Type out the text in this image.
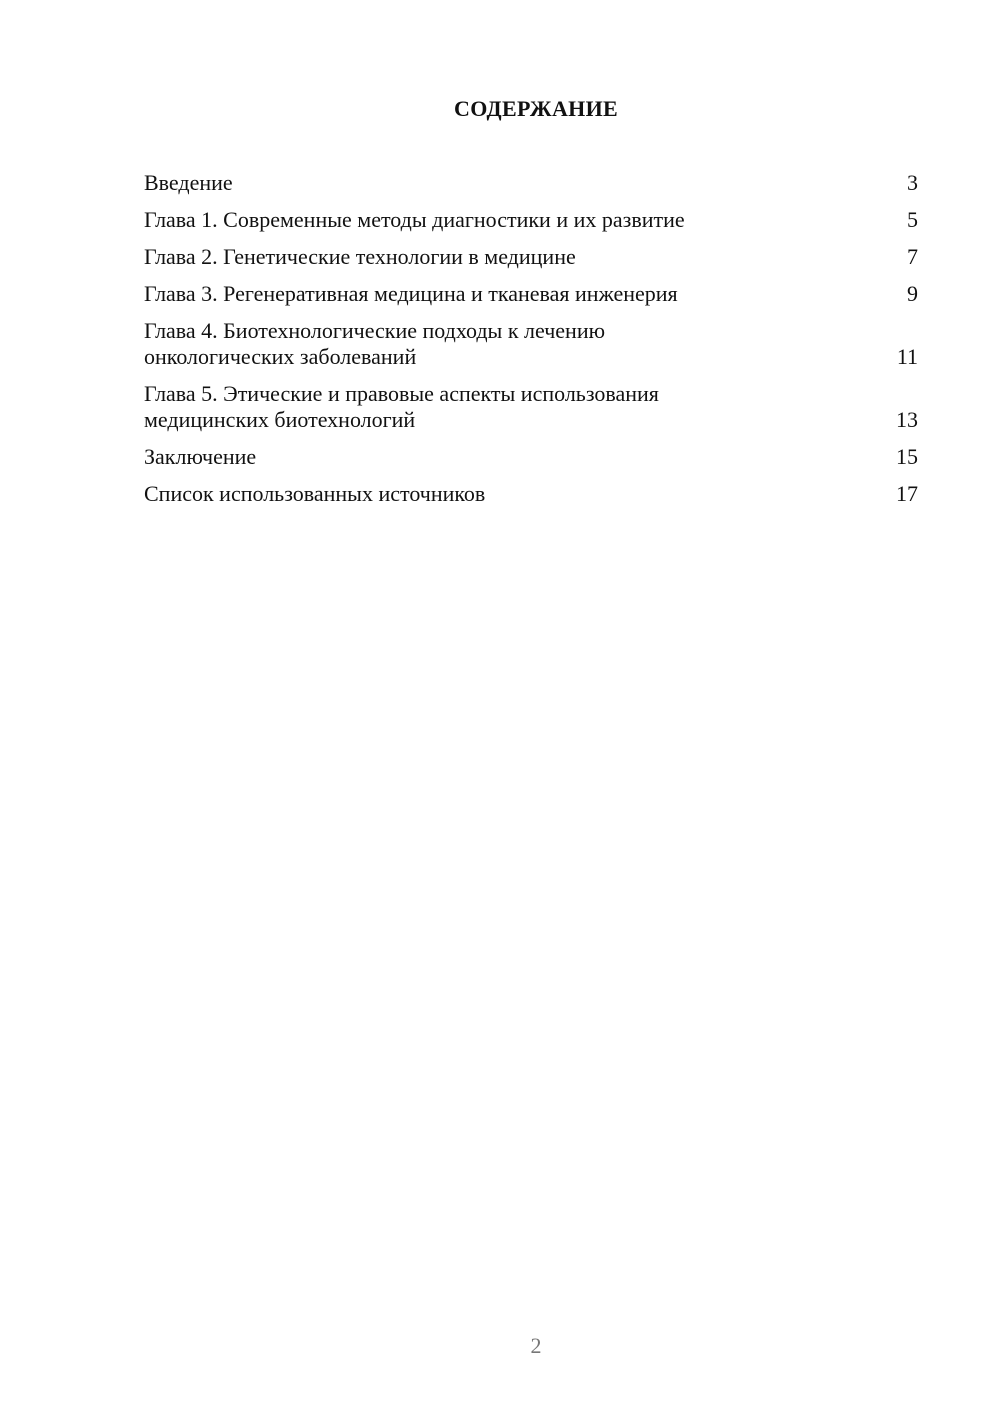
СОДЕРЖАНИЕ
Введение	3
Глава 1. Современные методы диагностики и их развитие	5
Глава 2. Генетические технологии в медицине	7
Глава 3. Регенеративная медицина и тканевая инженерия	9
Глава 4. Биотехнологические подходы к лечению
онкологических заболеваний	11
Глава 5. Этические и правовые аспекты использования
медицинских биотехнологий	13
Заключение	15
Список использованных источников	17
2
